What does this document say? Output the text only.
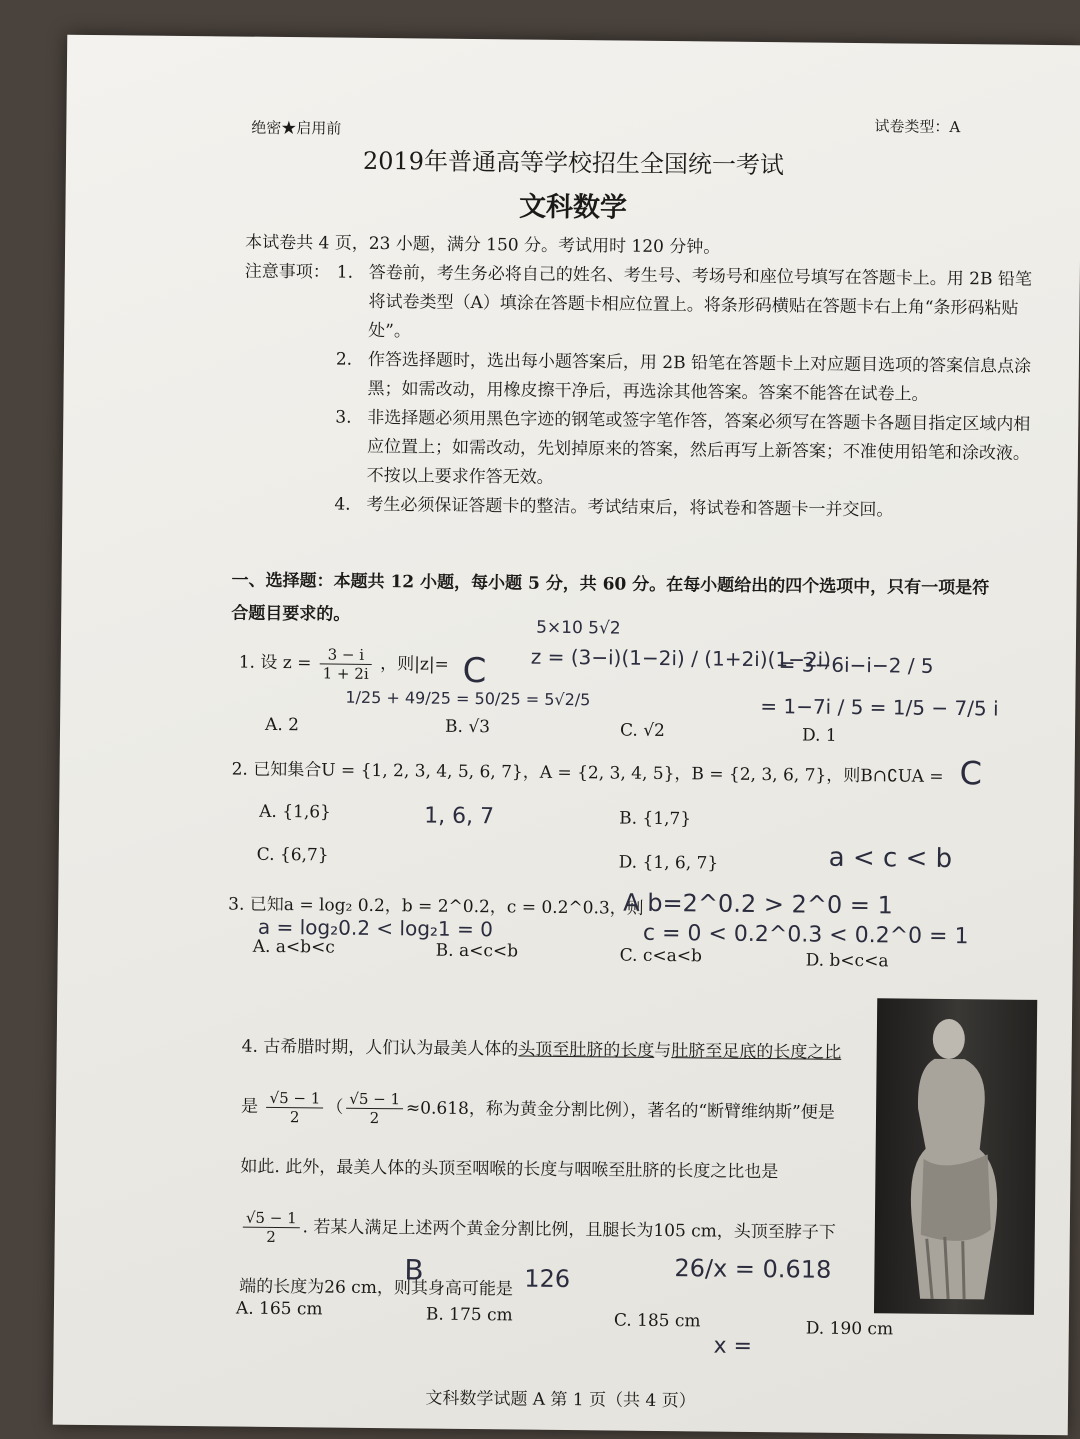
绝密★启用前	试卷类型：A
2019年普通高等学校招生全国统一考试
文科数学
本试卷共 4 页，23 小题，满分 150 分。考试用时 120 分钟。
注意事项： 1. 答卷前，考生务必将自己的姓名、考生号、考场号和座位号填写在答题卡上。用 2B 铅笔将试卷类型（A）填涂在答题卡相应位置上。将条形码横贴在答题卡右上角“条形码粘贴处”。
2. 作答选择题时，选出每小题答案后，用 2B 铅笔在答题卡上对应题目选项的答案信息点涂黑；如需改动，用橡皮擦干净后，再选涂其他答案。答案不能答在试卷上。
3. 非选择题必须用黑色字迹的钢笔或签字笔作答，答案必须写在答题卡各题目指定区域内相应位置上；如需改动，先划掉原来的答案，然后再写上新答案；不准使用铅笔和涂改液。不按以上要求作答无效。
4. 考生必须保证答题卡的整洁。考试结束后，将试卷和答题卡一并交回。
一、选择题：本题共 12 小题，每小题 5 分，共 60 分。在每小题给出的四个选项中，只有一项是符合题目要求的。
1. 设 $z = \frac{3 - i}{1 + 2i}$ ，则|z|=
A. 2	B. √3	C. √2	D. 1
2. 已知集合U = {1, 2, 3, 4, 5, 6, 7}，A = {2, 3, 4, 5}，B = {2, 3, 6, 7}，则B∩∁UA =
A. {1,6}	B. {1,7}
C. {6,7}	D. {1, 6, 7}
3. 已知a = log₂ 0.2，b = 2^0.2，c = 0.2^0.3，则
A. a<b<c	B. a<c<b	C. c<a<b	D. b<c<a
4. 古希腊时期，人们认为最美人体的头顶至肚脐的长度与肚脐至足底的长度之比是 $\frac{√5 - 1}{2}$ （ $\frac{√5 - 1}{2} \approx 0.618$，称为黄金分割比例），著名的“断臂维纳斯”便是如此. 此外，最美人体的头顶至咽喉的长度与咽喉至肚脐的长度之比也是
$\frac{√5 - 1}{2}$ . 若某人满足上述两个黄金分割比例，且腿长为105 cm，头顶至脖子下端的长度为26 cm，则其身高可能是
A. 165 cm	B. 175 cm	C. 185 cm	D. 190 cm
5×10 5√2
C z = (3−i)(1−2i) / (1+2i)(1−2i)
= 3−6i−i−2 / 5
= 1−7i / 5 = 1/5 − 7/5 i
1/25 + 49/25 = 50/25 = 5√2/5
C
1, 6, 7
a < c < b
A b=2^0.2 > 2^0 = 1
a = log₂0.2 < log₂1 = 0	c = 0 < 0.2^0.3 < 0.2^0 = 1
B	126	26/x = 0.618
x =
文科数学试题 A 第 1 页（共 4 页）
